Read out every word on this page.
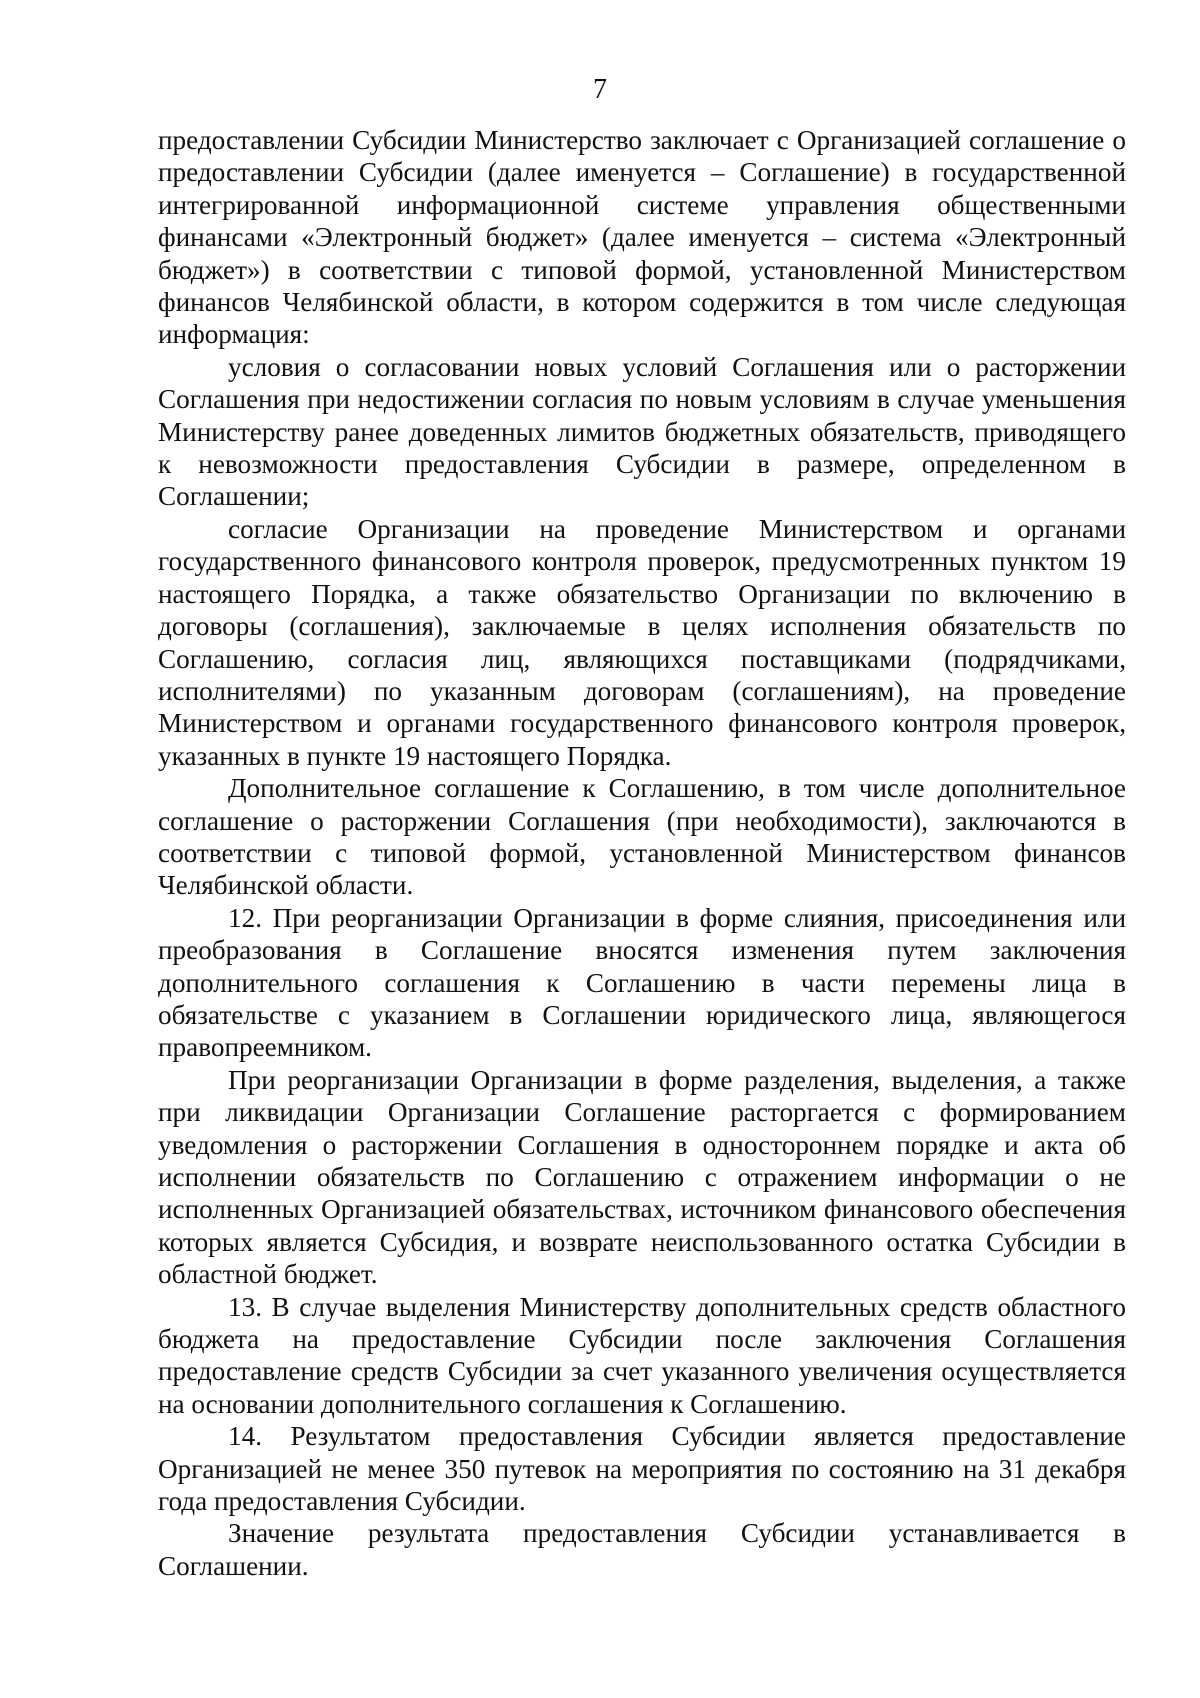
7

предоставлении Субсидии Министерство заключает с Организацией соглашение о предоставлении Субсидии (далее именуется – Соглашение) в государственной интегрированной информационной системе управления общественными финансами «Электронный бюджет» (далее именуется – система «Электронный бюджет») в соответствии с типовой формой, установленной Министерством финансов Челябинской области, в котором содержится в том числе следующая информация:

условия о согласовании новых условий Соглашения или о расторжении Соглашения при недостижении согласия по новым условиям в случае уменьшения Министерству ранее доведенных лимитов бюджетных обязательств, приводящего к невозможности предоставления Субсидии в размере, определенном в Соглашении;

согласие Организации на проведение Министерством и органами государственного финансового контроля проверок, предусмотренных пунктом 19 настоящего Порядка, а также обязательство Организации по включению в договоры (соглашения), заключаемые в целях исполнения обязательств по Соглашению, согласия лиц, являющихся поставщиками (подрядчиками, исполнителями) по указанным договорам (соглашениям), на проведение Министерством и органами государственного финансового контроля проверок, указанных в пункте 19 настоящего Порядка.

Дополнительное соглашение к Соглашению, в том числе дополнительное соглашение о расторжении Соглашения (при необходимости), заключаются в соответствии с типовой формой, установленной Министерством финансов Челябинской области.

12. При реорганизации Организации в форме слияния, присоединения или преобразования в Соглашение вносятся изменения путем заключения дополнительного соглашения к Соглашению в части перемены лица в обязательстве с указанием в Соглашении юридического лица, являющегося правопреемником.

При реорганизации Организации в форме разделения, выделения, а также при ликвидации Организации Соглашение расторгается с формированием уведомления о расторжении Соглашения в одностороннем порядке и акта об исполнении обязательств по Соглашению с отражением информации о не исполненных Организацией обязательствах, источником финансового обеспечения которых является Субсидия, и возврате неиспользованного остатка Субсидии в областной бюджет.

13. В случае выделения Министерству дополнительных средств областного бюджета на предоставление Субсидии после заключения Соглашения предоставление средств Субсидии за счет указанного увеличения осуществляется на основании дополнительного соглашения к Соглашению.

14. Результатом предоставления Субсидии является предоставление Организацией не менее 350 путевок на мероприятия по состоянию на 31 декабря года предоставления Субсидии.

Значение результата предоставления Субсидии устанавливается в Соглашении.
